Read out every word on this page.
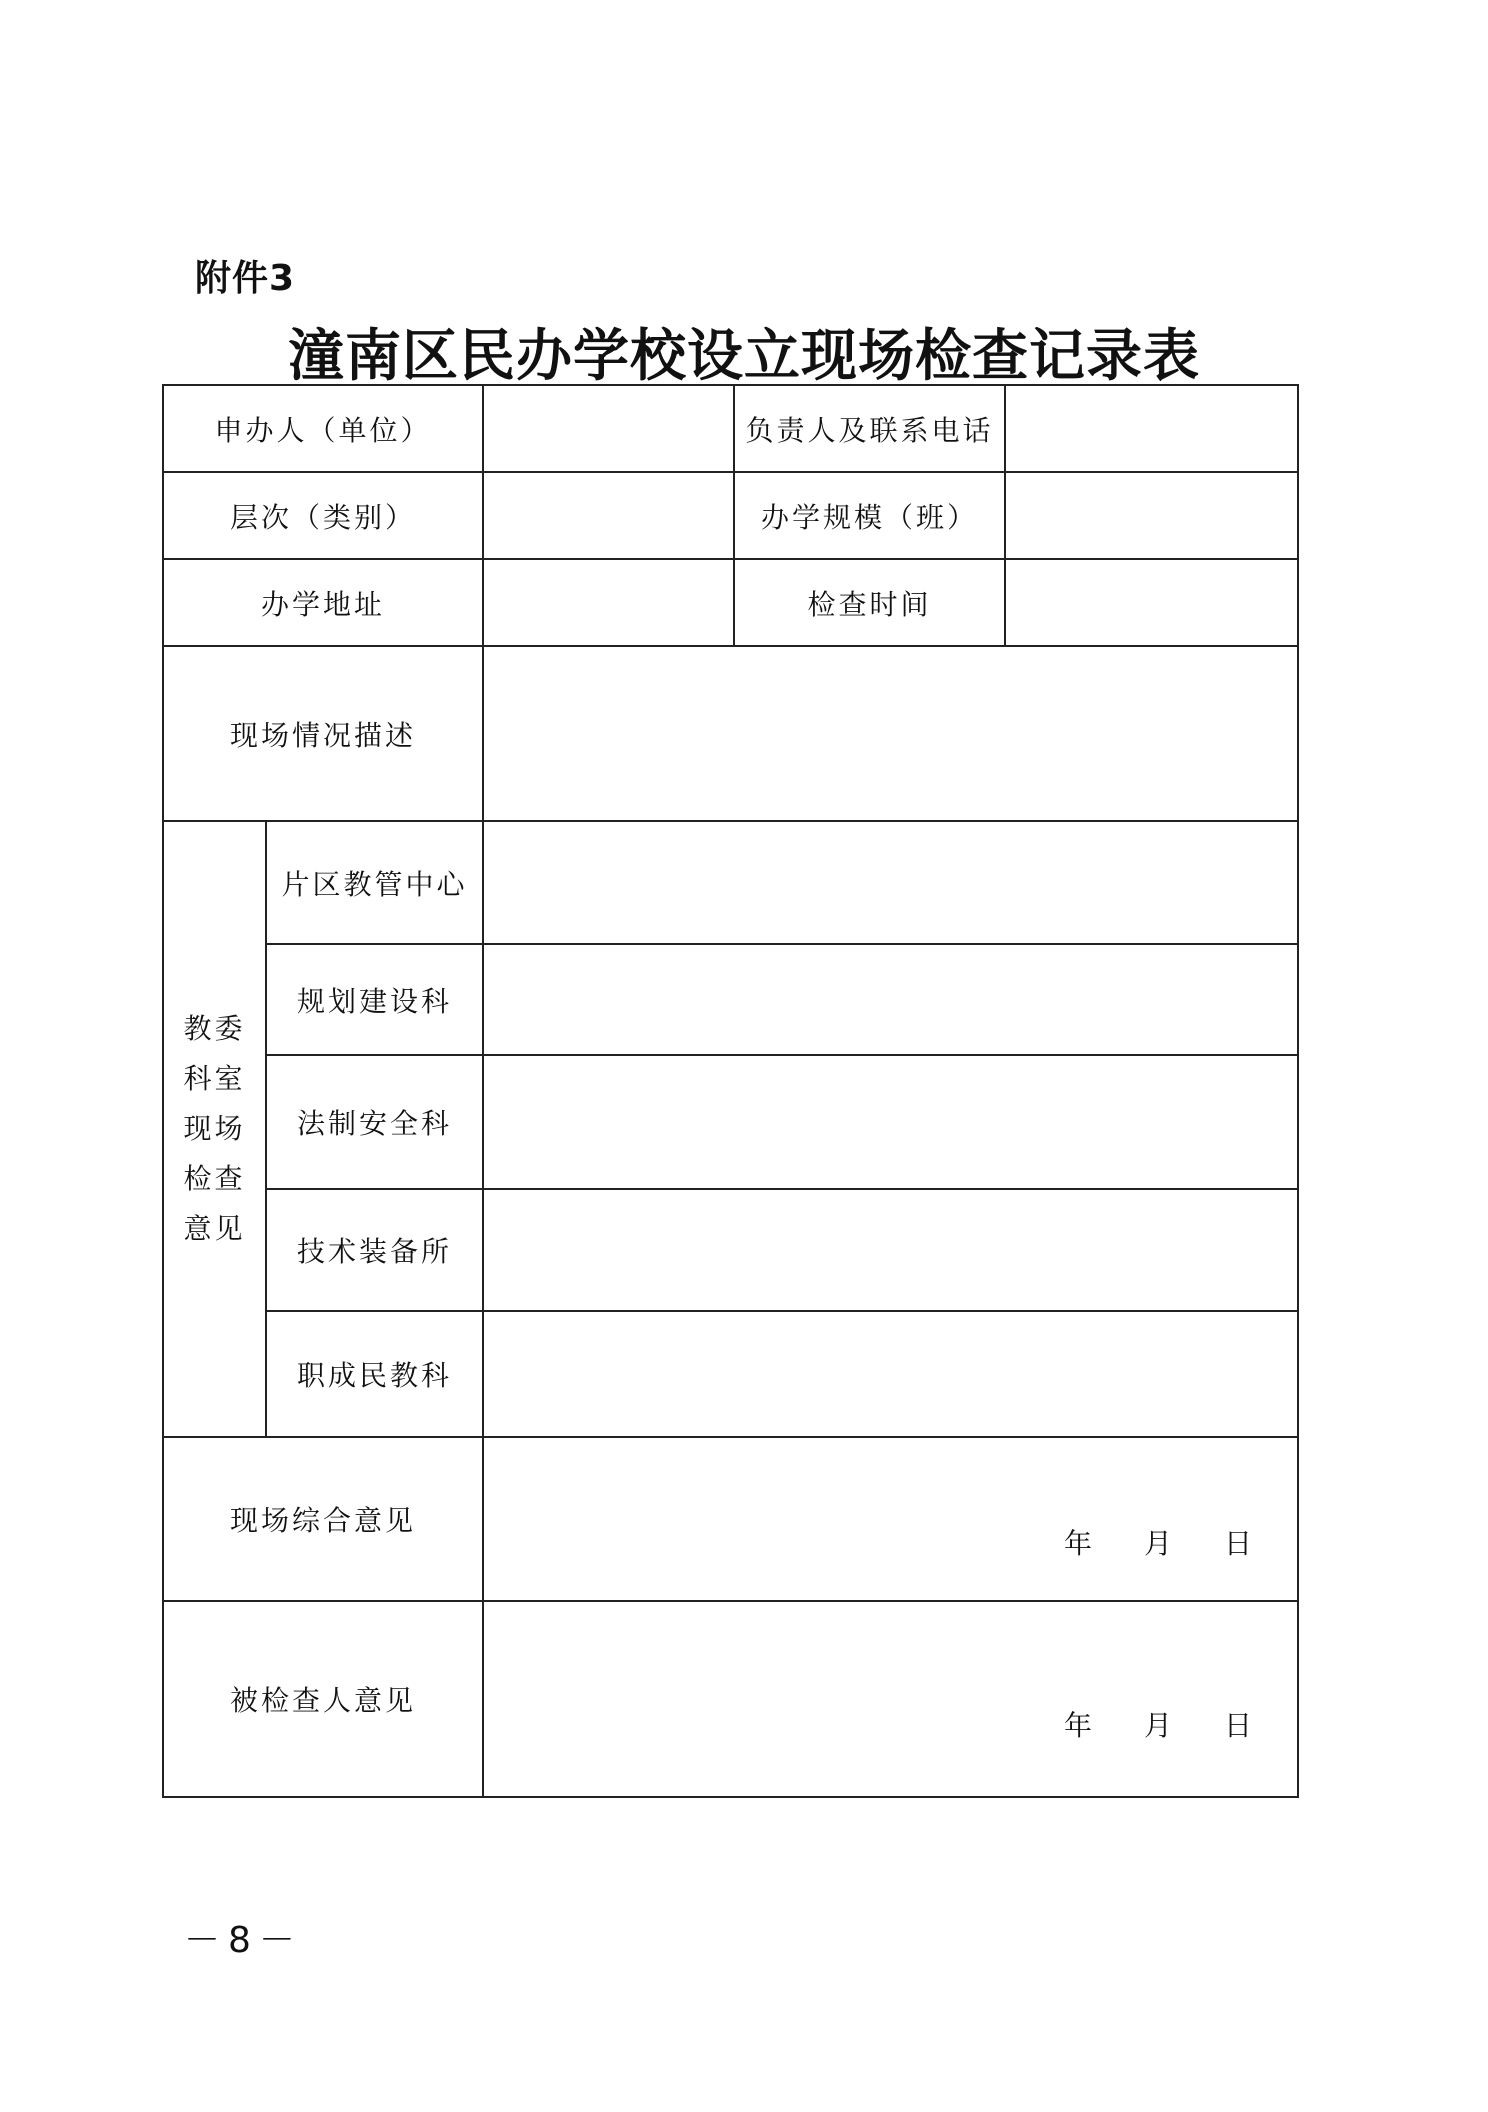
附件3
潼南区民办学校设立现场检查记录表
申办人（单位）			负责人及联系电话	
层次（类别）			办学规模（班）	
办学地址			检查时间	
现场情况描述				

教委
科室
现场
检查
意见	片区教管中心			
	规划建设科			
	法制安全科			
	技术装备所			
	职成民教科			
现场综合意见		年 月 日		

被检查人意见		年 月 日		
－8－
